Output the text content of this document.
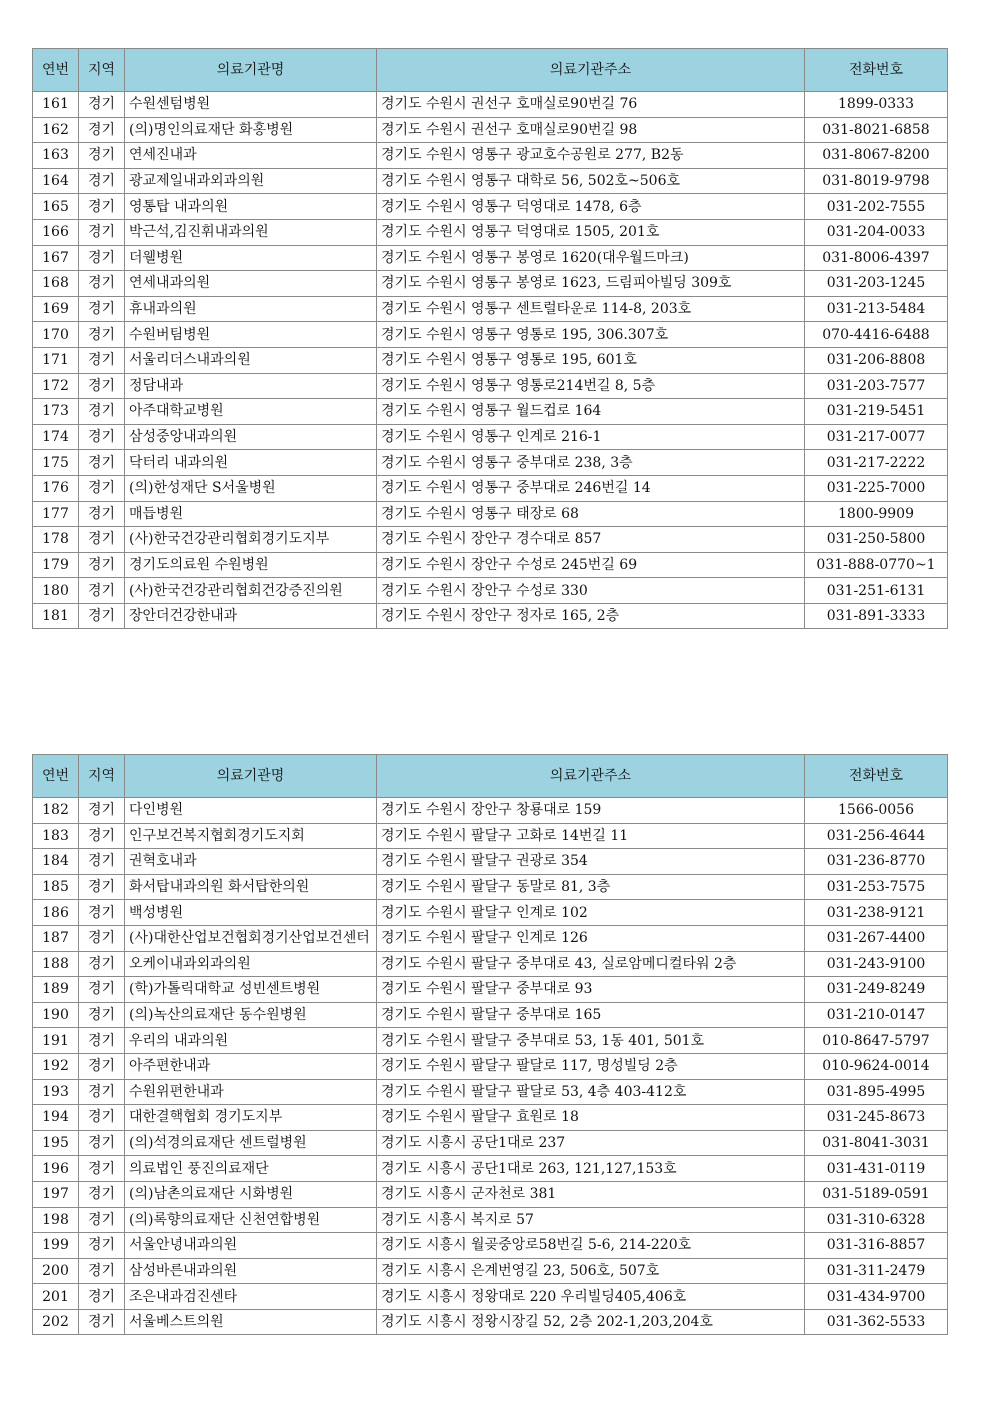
연번	지역	의료기관명	의료기관주소	전화번호
161	경기	수원센텀병원	경기도 수원시 권선구 호매실로90번길 76	1899-0333
162	경기	(의)명인의료재단 화홍병원	경기도 수원시 권선구 호매실로90번길 98	031-8021-6858
163	경기	연세진내과	경기도 수원시 영통구 광교호수공원로 277, B2동	031-8067-8200
164	경기	광교제일내과외과의원	경기도 수원시 영통구 대학로 56, 502호~506호	031-8019-9798
165	경기	영통탑 내과의원	경기도 수원시 영통구 덕영대로 1478, 6층	031-202-7555
166	경기	박근석,김진휘내과의원	경기도 수원시 영통구 덕영대로 1505, 201호	031-204-0033
167	경기	더웰병원	경기도 수원시 영통구 봉영로 1620(대우월드마크)	031-8006-4397
168	경기	연세내과의원	경기도 수원시 영통구 봉영로 1623, 드림피아빌딩 309호	031-203-1245
169	경기	휴내과의원	경기도 수원시 영통구 센트럴타운로 114-8, 203호	031-213-5484
170	경기	수원버팀병원	경기도 수원시 영통구 영통로 195, 306.307호	070-4416-6488
171	경기	서울리더스내과의원	경기도 수원시 영통구 영통로 195, 601호	031-206-8808
172	경기	정담내과	경기도 수원시 영통구 영통로214번길 8, 5층	031-203-7577
173	경기	아주대학교병원	경기도 수원시 영통구 월드컵로 164	031-219-5451
174	경기	삼성중앙내과의원	경기도 수원시 영통구 인계로 216-1	031-217-0077
175	경기	닥터리 내과의원	경기도 수원시 영통구 중부대로 238, 3층	031-217-2222
176	경기	(의)한성재단 S서울병원	경기도 수원시 영통구 중부대로 246번길 14	031-225-7000
177	경기	매듭병원	경기도 수원시 영통구 태장로 68	1800-9909
178	경기	(사)한국건강관리협회경기도지부	경기도 수원시 장안구 경수대로 857	031-250-5800
179	경기	경기도의료원 수원병원	경기도 수원시 장안구 수성로 245번길 69	031-888-0770~1
180	경기	(사)한국건강관리협회건강증진의원	경기도 수원시 장안구 수성로 330	031-251-6131
181	경기	장안더건강한내과	경기도 수원시 장안구 정자로 165, 2층	031-891-3333
연번	지역	의료기관명	의료기관주소	전화번호
182	경기	다인병원	경기도 수원시 장안구 창룡대로 159	1566-0056
183	경기	인구보건복지협회경기도지회	경기도 수원시 팔달구 고화로 14번길 11	031-256-4644
184	경기	권혁호내과	경기도 수원시 팔달구 권광로 354	031-236-8770
185	경기	화서탑내과의원 화서탑한의원	경기도 수원시 팔달구 동말로 81, 3층	031-253-7575
186	경기	백성병원	경기도 수원시 팔달구 인계로 102	031-238-9121
187	경기	(사)대한산업보건협회경기산업보건센터	경기도 수원시 팔달구 인계로 126	031-267-4400
188	경기	오케이내과외과의원	경기도 수원시 팔달구 중부대로 43, 실로암메디컬타워 2층	031-243-9100
189	경기	(학)가톨릭대학교 성빈센트병원	경기도 수원시 팔달구 중부대로 93	031-249-8249
190	경기	(의)녹산의료재단 동수원병원	경기도 수원시 팔달구 중부대로 165	031-210-0147
191	경기	우리의 내과의원	경기도 수원시 팔달구 중부대로 53, 1동 401, 501호	010-8647-5797
192	경기	아주편한내과	경기도 수원시 팔달구 팔달로 117, 명성빌딩 2층	010-9624-0014
193	경기	수원위편한내과	경기도 수원시 팔달구 팔달로 53, 4층 403-412호	031-895-4995
194	경기	대한결핵협회 경기도지부	경기도 수원시 팔달구 효원로 18	031-245-8673
195	경기	(의)석경의료재단 센트럴병원	경기도 시흥시 공단1대로 237	031-8041-3031
196	경기	의료법인 풍진의료재단	경기도 시흥시 공단1대로 263, 121,127,153호	031-431-0119
197	경기	(의)남촌의료재단 시화병원	경기도 시흥시 군자천로 381	031-5189-0591
198	경기	(의)록향의료재단 신천연합병원	경기도 시흥시 복지로 57	031-310-6328
199	경기	서울안녕내과의원	경기도 시흥시 월곶중앙로58번길 5-6, 214-220호	031-316-8857
200	경기	삼성바른내과의원	경기도 시흥시 은계번영길 23, 506호, 507호	031-311-2479
201	경기	조은내과검진센타	경기도 시흥시 정왕대로 220 우리빌딩405,406호	031-434-9700
202	경기	서울베스트의원	경기도 시흥시 정왕시장길 52, 2층 202-1,203,204호	031-362-5533
